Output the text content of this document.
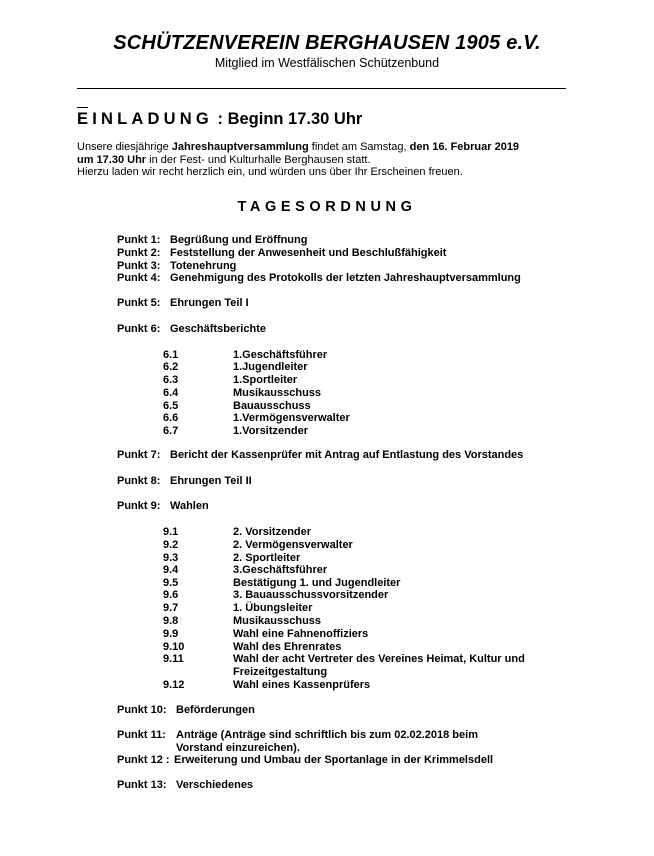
SCHÜTZENVEREIN BERGHAUSEN 1905 e.V.
Mitglied im Westfälischen Schützenbund
EINLADUNG : Beginn 17.30 Uhr
Unsere diesjährige Jahreshauptversammlung findet am Samstag, den 16. Februar 2019
um 17.30 Uhr in der Fest- und Kulturhalle Berghausen statt.
Hierzu laden wir recht herzlich ein, und würden uns über Ihr Erscheinen freuen.
TAGESORDNUNG
Punkt 1: Begrüßung und Eröffnung
Punkt 2: Feststellung der Anwesenheit und Beschlußfähigkeit
Punkt 3: Totenehrung
Punkt 4: Genehmigung des Protokolls der letzten Jahreshauptversammlung
Punkt 5: Ehrungen Teil I
Punkt 6: Geschäftsberichte
6.1	1.Geschäftsführer
6.2	1.Jugendleiter
6.3	1.Sportleiter
6.4	Musikausschuss
6.5	Bauausschuss
6.6	1.Vermögensverwalter
6.7	1.Vorsitzender
Punkt 7: Bericht der Kassenprüfer mit Antrag auf Entlastung des Vorstandes
Punkt 8: Ehrungen Teil II
Punkt 9: Wahlen
9.1	2. Vorsitzender
9.2	2. Vermögensverwalter
9.3	2. Sportleiter
9.4	3.Geschäftsführer
9.5	Bestätigung 1. und Jugendleiter
9.6	3. Bauausschussvorsitzender
9.7	1. Übungsleiter
9.8	Musikausschuss
9.9	Wahl eine Fahnenoffiziers
9.10	Wahl des Ehrenrates
9.11	Wahl der acht Vertreter des Vereines Heimat, Kultur und Freizeitgestaltung
9.12	Wahl eines Kassenprüfers
Punkt 10: Beförderungen
Punkt 11: Anträge (Anträge sind schriftlich bis zum 02.02.2018 beim Vorstand einzureichen).
Punkt 12 : Erweiterung und Umbau der Sportanlage in der Krimmelsdell
Punkt 13: Verschiedenes
